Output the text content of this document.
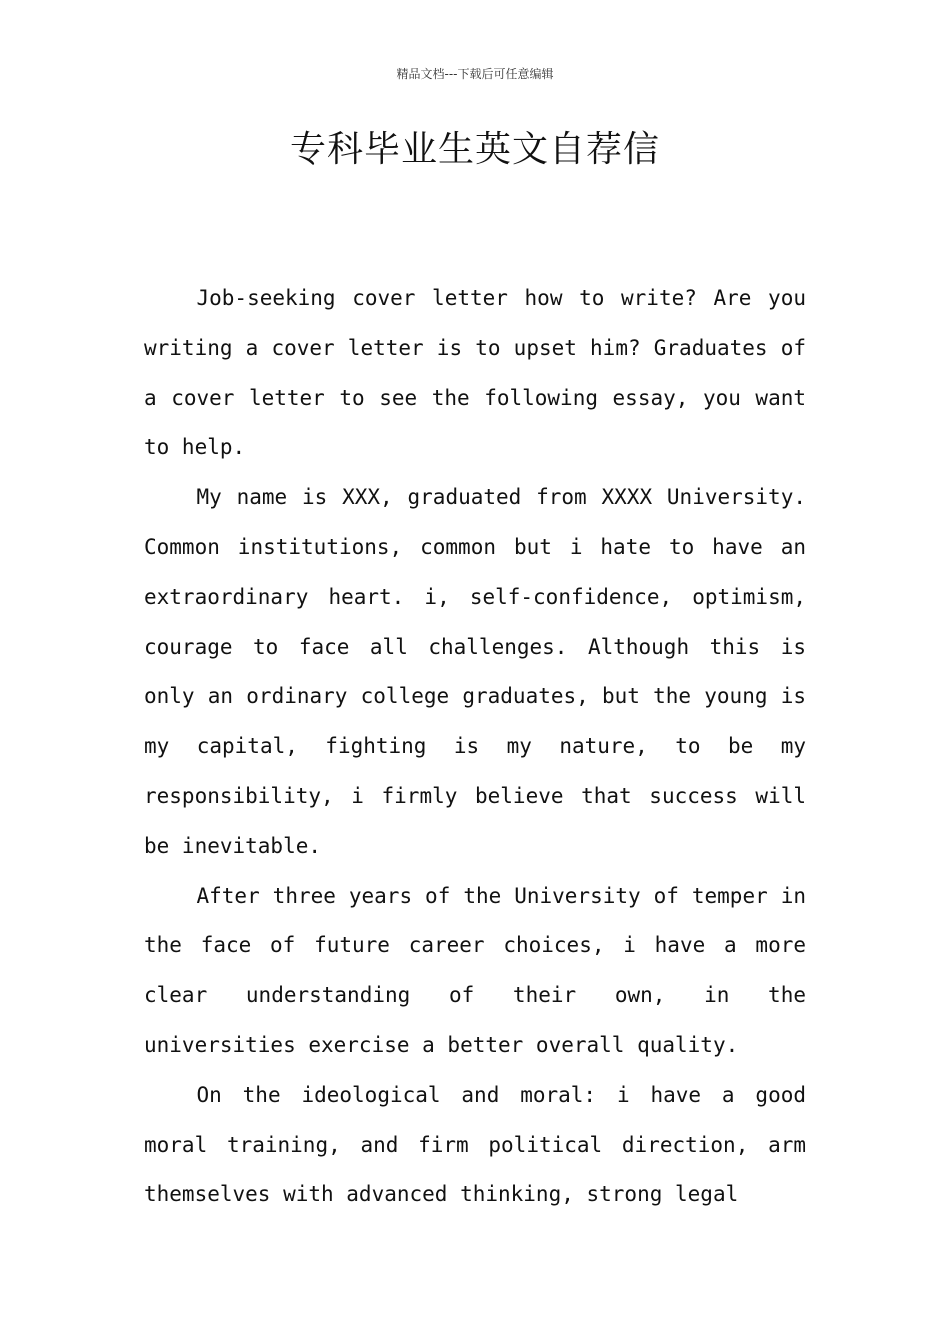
精品文档---下载后可任意编辑
专科毕业生英文自荐信

Job-seeking cover letter how to write? Are you writing a cover letter is to upset him? Graduates of a cover letter to see the following essay, you want to help.

My name is XXX, graduated from XXXX University. Common institutions, common but i hate to have an extraordinary heart. i, self-confidence, optimism, courage to face all challenges. Although this is only an ordinary college graduates, but the young is my capital, fighting is my nature, to be my responsibility, i firmly believe that success will be inevitable.

After three years of the University of temper in the face of future career choices, i have a more clear understanding of their own, in the universities exercise a better overall quality.

On the ideological and moral: i have a good moral training, and firm political direction, arm themselves with advanced thinking, strong legal
